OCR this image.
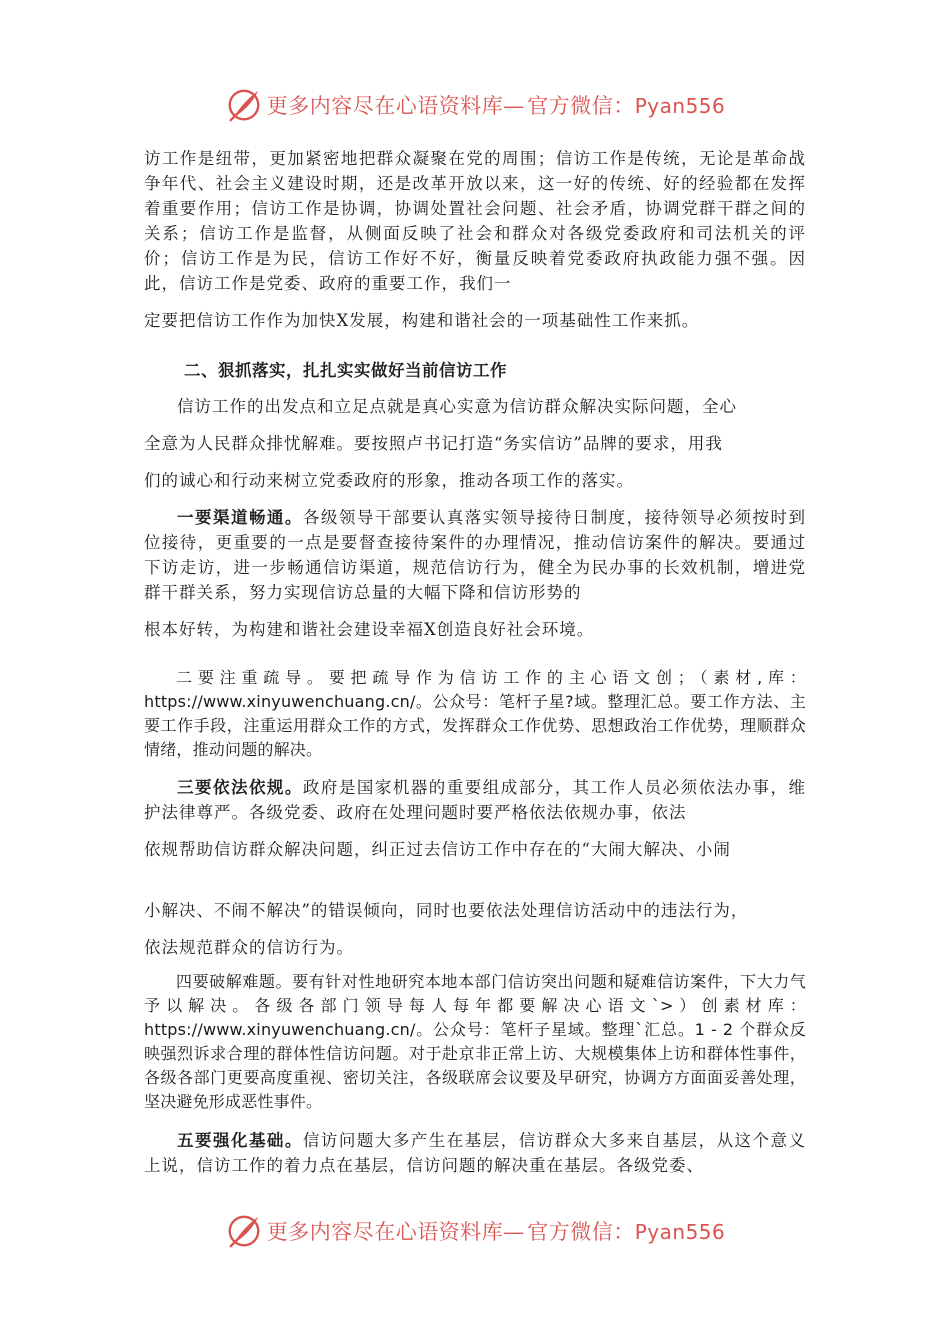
更多内容尽在心语资料库— 官方微信：Pyan556

访工作是纽带，更加紧密地把群众凝聚在党的周围；信访工作是传统，无论是革命战争年代、社会主义建设时期，还是改革开放以来，这一好的传统、好的经验都在发挥着重要作用；信访工作是协调，协调处置社会问题、社会矛盾，协调党群干群之间的关系；信访工作是监督，从侧面反映了社会和群众对各级党委政府和司法机关的评价；信访工作是为民，信访工作好不好，衡量反映着党委政府执政能力强不强。因此，信访工作是党委、政府的重要工作，我们一

定要把信访工作作为加快X发展，构建和谐社会的一项基础性工作来抓。

二、狠抓落实，扎扎实实做好当前信访工作

信访工作的出发点和立足点就是真心实意为信访群众解决实际问题，全心

全意为人民群众排忧解难。要按照卢书记打造“务实信访”品牌的要求，用我

们的诚心和行动来树立党委政府的形象，推动各项工作的落实。

一要渠道畅通。各级领导干部要认真落实领导接待日制度，接待领导必须按时到位接待，更重要的一点是要督查接待案件的办理情况，推动信访案件的解决。要通过下访走访，进一步畅通信访渠道，规范信访行为，健全为民办事的长效机制，增进党群干群关系，努力实现信访总量的大幅下降和信访形势的

根本好转，为构建和谐社会建设幸福X创造良好社会环境。

二要注重疏导。要把疏导作为信访工作的主心语文创；（素材,库：https://www.xinyuwenchuang.cn/。公众号：笔杆子星?域。整理汇总。要工作方法、主要工作手段，注重运用群众工作的方式，发挥群众工作优势、思想政治工作优势，理顺群众情绪，推动问题的解决。

三要依法依规。政府是国家机器的重要组成部分，其工作人员必须依法办事，维护法律尊严。各级党委、政府在处理问题时要严格依法依规办事，依法

依规帮助信访群众解决问题，纠正过去信访工作中存在的“大闹大解决、小闹

小解决、不闹不解决”的错误倾向，同时也要依法处理信访活动中的违法行为，

依法规范群众的信访行为。

四要破解难题。要有针对性地研究本地本部门信访突出问题和疑难信访案件，下大力气予以解决。各级各部门领导每人每年都要解决心语文`>）创素材库：https://www.xinyuwenchuang.cn/。公众号：笔杆子星域。整理`汇总。1 - 2 个群众反映强烈诉求合理的群体性信访问题。对于赴京非正常上访、大规模集体上访和群体性事件，各级各部门更要高度重视、密切关注，各级联席会议要及早研究，协调方方面面妥善处理，坚决避免形成恶性事件。

五要强化基础。信访问题大多产生在基层，信访群众大多来自基层，从这个意义上说，信访工作的着力点在基层，信访问题的解决重在基层。各级党委、

更多内容尽在心语资料库— 官方微信：Pyan556
